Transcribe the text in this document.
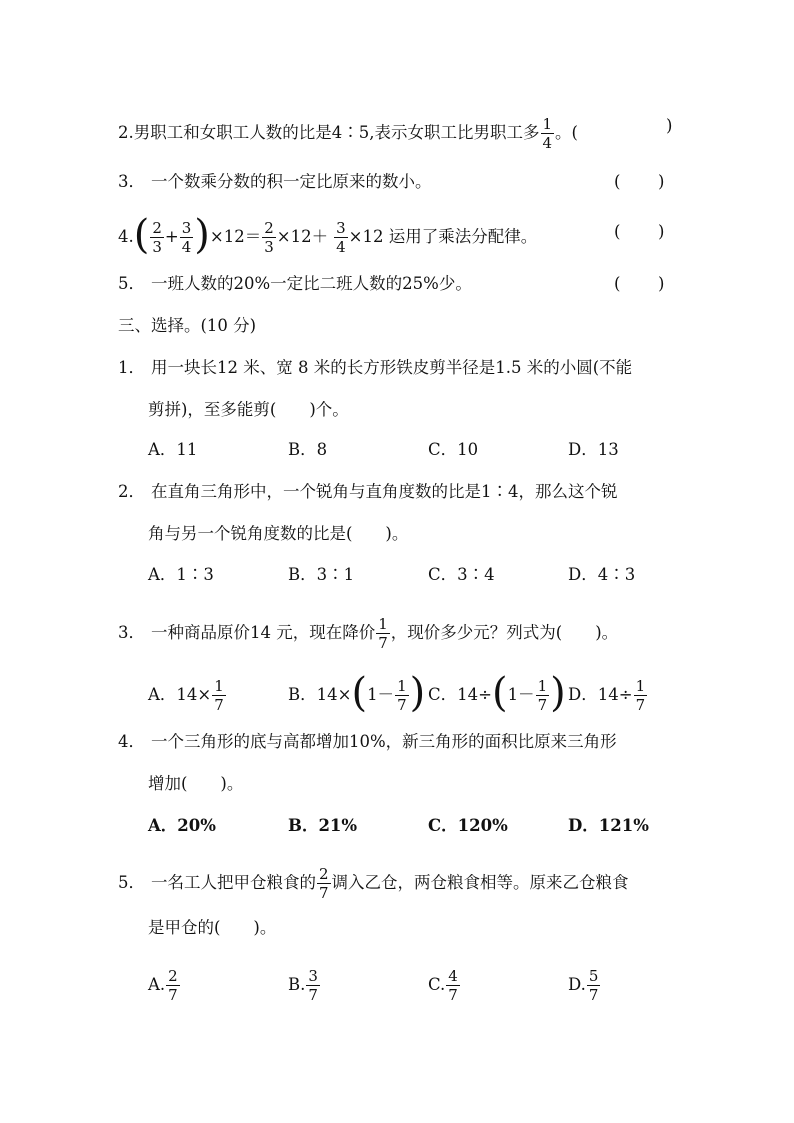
2.男职工和女职工人数的比是4∶5,表示女职工比男职工多 $\frac{1}{4}$ 。(	)
3． 一个数乘分数的积一定比原来的数小。	( )
$4.( \frac{2}{3} + \frac{3}{4} )\times 12= \frac{2}{3} \times 12+ \frac{3}{4} \times 12$ 运用了乘法分配律。	( )
5． 一班人数的20%一定比二班人数的25%少。	( )
三、选择。(10 分)
1． 用一块长12 米、宽 8 米的长方形铁皮剪半径是1.5 米的小圆(不能
剪拼)，至多能剪(　　)个。
A．11	B．8	C．10	D．13
2． 在直角三角形中，一个锐角与直角度数的比是1∶4，那么这个锐
角与另一个锐角度数的比是(　　)。
A．1∶3	B．3∶1	C．3∶4	D．4∶3
3． 一种商品原价14 元，现在降价 $\frac{1}{7}$ ，现价多少元？列式为(　　)。
A．$14\times \frac{1}{7}$	B．$14\times(1- \frac{1}{7}$ ) C．$14\div(1- \frac{1}{7}$ ) D．$14\div \frac{1}{7}$
4． 一个三角形的底与高都增加10%，新三角形的面积比原来三角形
增加(　　)。
A．20%	B．21%	C．120%	D．121%
5． 一名工人把甲仓粮食的 $\frac{2}{7}$ 调入乙仓，两仓粮食相等。原来乙仓粮食
是甲仓的(　　)。
A. $\frac{2}{7}$	B. $\frac{3}{7}$	C. $\frac{4}{7}$	D. $\frac{5}{7}$
